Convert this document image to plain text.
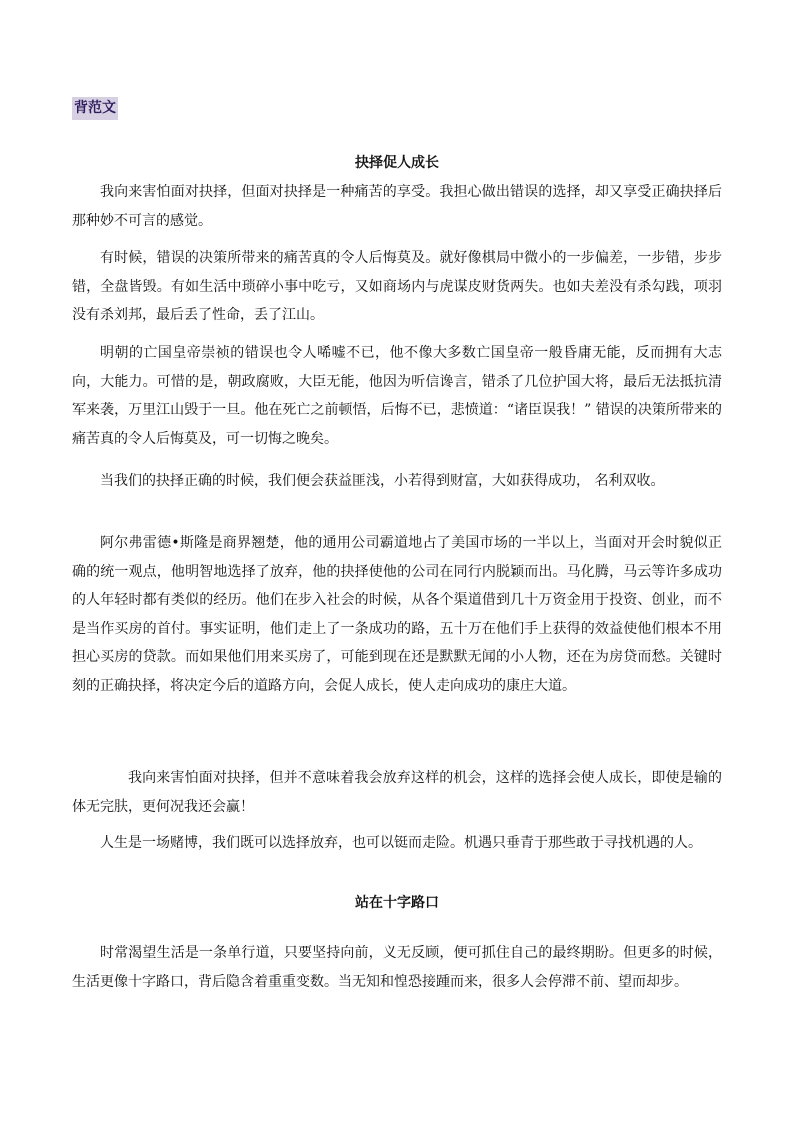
背范文
抉择促人成长

我向来害怕面对抉择，但面对抉择是一种痛苦的享受。我担心做出错误的选择，却又享受正确抉择后那种妙不可言的感觉。

有时候，错误的决策所带来的痛苦真的令人后悔莫及。就好像棋局中微小的一步偏差，一步错，步步错，全盘皆毁。有如生活中琐碎小事中吃亏，又如商场内与虎谋皮财货两失。也如夫差没有杀勾践，项羽没有杀刘邦，最后丢了性命，丢了江山。

明朝的亡国皇帝崇祯的错误也令人唏嘘不已，他不像大多数亡国皇帝一般昏庸无能，反而拥有大志向，大能力。可惜的是，朝政腐败，大臣无能，他因为听信谗言，错杀了几位护国大将，最后无法抵抗清军来袭，万里江山毁于一旦。他在死亡之前顿悟，后悔不已，悲愤道：“诸臣误我！” 错误的决策所带来的痛苦真的令人后悔莫及，可一切悔之晚矣。

当我们的抉择正确的时候，我们便会获益匪浅，小若得到财富，大如获得成功， 名利双收。

阿尔弗雷德•斯隆是商界翘楚，他的通用公司霸道地占了美国市场的一半以上，当面对开会时貌似正确的统一观点，他明智地选择了放弃，他的抉择使他的公司在同行内脱颖而出。马化腾，马云等许多成功的人年轻时都有类似的经历。他们在步入社会的时候，从各个渠道借到几十万资金用于投资、创业，而不是当作买房的首付。事实证明，他们走上了一条成功的路，五十万在他们手上获得的效益使他们根本不用担心买房的贷款。而如果他们用来买房了，可能到现在还是默默无闻的小人物，还在为房贷而愁。关键时刻的正确抉择，将决定今后的道路方向，会促人成长，使人走向成功的康庄大道。

我向来害怕面对抉择，但并不意味着我会放弃这样的机会，这样的选择会使人成长，即使是输的体无完肤，更何况我还会赢！

人生是一场赌博，我们既可以选择放弃，也可以铤而走险。机遇只垂青于那些敢于寻找机遇的人。

站在十字路口

时常渴望生活是一条单行道，只要坚持向前，义无反顾，便可抓住自己的最终期盼。但更多的时候，生活更像十字路口，背后隐含着重重变数。当无知和惶恐接踵而来，很多人会停滞不前、望而却步。
